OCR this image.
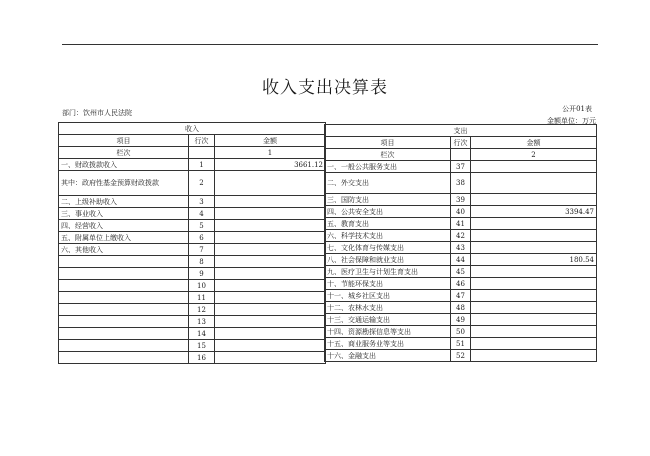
收入支出决算表
部门：饮州市人民法院	公开01表
金额单位：万元
收入		
项目	行次	金额
栏次		1
一、财政拨款收入	1	3661.12
其中：政府性基金预算财政拨款	2	
二、上级补助收入	3	
三、事业收入	4	
四、经营收入	5	
五、附属单位上缴收入	6	
六、其他收入	7	
	8	
	9	
	10	
	11	
	12	
	13	
	14	
	15	
	16	
支出		
项目	行次	金额
栏次		2
一、一般公共服务支出	37	
二、外交支出	38	
三、国防支出	39	
四、公共安全支出	40	3394.47
五、教育支出	41	
六、科学技术支出	42	
七、文化体育与传媒支出	43	
八、社会保障和就业支出	44	180.54
九、医疗卫生与计划生育支出	45	
十、节能环保支出	46	
十一、城乡社区支出	47	
十二、农林水支出	48	
十三、交通运输支出	49	
十四、资源勘探信息等支出	50	
十五、商业服务业等支出	51	
十六、金融支出	52	
